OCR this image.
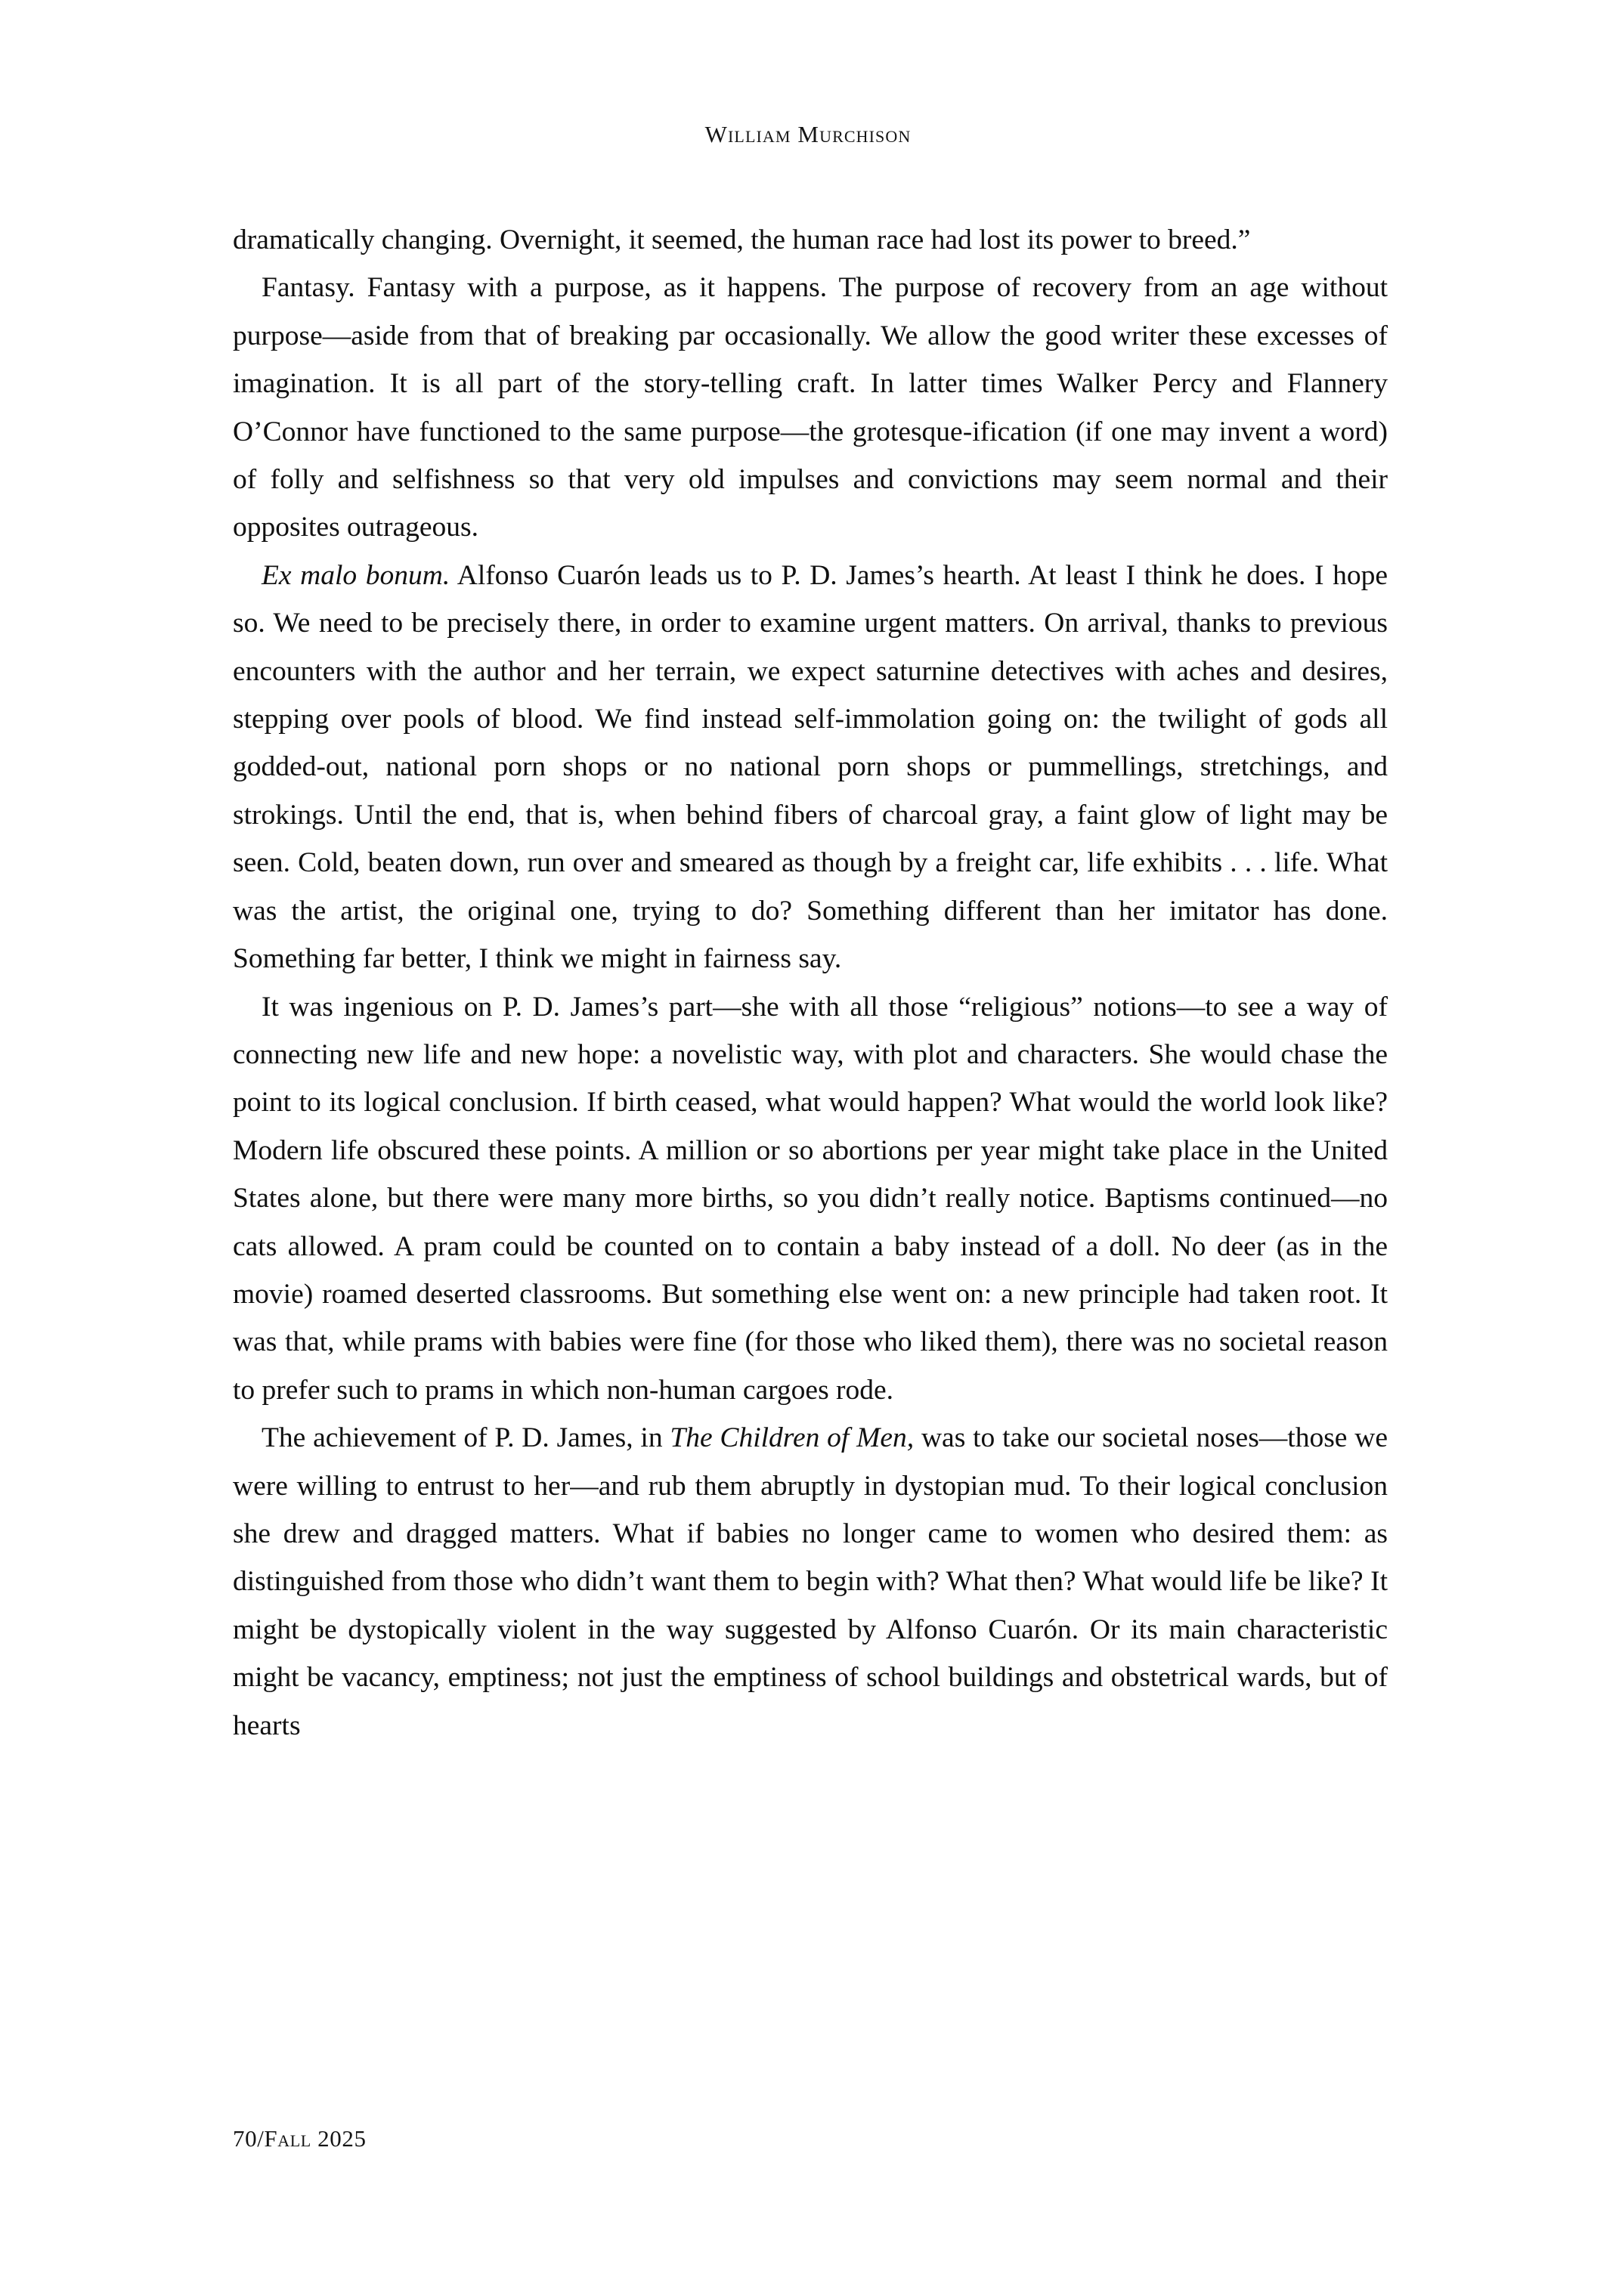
William Murchison

dramatically changing. Overnight, it seemed, the human race had lost its power to breed.”

Fantasy. Fantasy with a purpose, as it happens. The purpose of recovery from an age without purpose—aside from that of breaking par occasionally. We allow the good writer these excesses of imagination. It is all part of the story-telling craft. In latter times Walker Percy and Flannery O’Connor have functioned to the same purpose—the grotesque-ification (if one may invent a word) of folly and selfishness so that very old impulses and convictions may seem normal and their opposites outrageous.

Ex malo bonum. Alfonso Cuarón leads us to P. D. James’s hearth. At least I think he does. I hope so. We need to be precisely there, in order to examine urgent matters. On arrival, thanks to previous encounters with the author and her terrain, we expect saturnine detectives with aches and desires, stepping over pools of blood. We find instead self-immolation going on: the twilight of gods all godded-out, national porn shops or no national porn shops or pummellings, stretchings, and strokings. Until the end, that is, when behind fibers of charcoal gray, a faint glow of light may be seen. Cold, beaten down, run over and smeared as though by a freight car, life exhibits . . . life. What was the artist, the original one, trying to do? Something different than her imitator has done. Something far better, I think we might in fairness say.

It was ingenious on P. D. James’s part—she with all those “religious” notions—to see a way of connecting new life and new hope: a novelistic way, with plot and characters. She would chase the point to its logical conclusion. If birth ceased, what would happen? What would the world look like? Modern life obscured these points. A million or so abortions per year might take place in the United States alone, but there were many more births, so you didn’t really notice. Baptisms continued—no cats allowed. A pram could be counted on to contain a baby instead of a doll. No deer (as in the movie) roamed deserted classrooms. But something else went on: a new principle had taken root. It was that, while prams with babies were fine (for those who liked them), there was no societal reason to prefer such to prams in which non-human cargoes rode.

The achievement of P. D. James, in The Children of Men, was to take our societal noses—those we were willing to entrust to her—and rub them abruptly in dystopian mud. To their logical conclusion she drew and dragged matters. What if babies no longer came to women who desired them: as distinguished from those who didn’t want them to begin with? What then? What would life be like? It might be dystopically violent in the way suggested by Alfonso Cuarón. Or its main characteristic might be vacancy, emptiness; not just the emptiness of school buildings and obstetrical wards, but of hearts

70/Fall 2025
